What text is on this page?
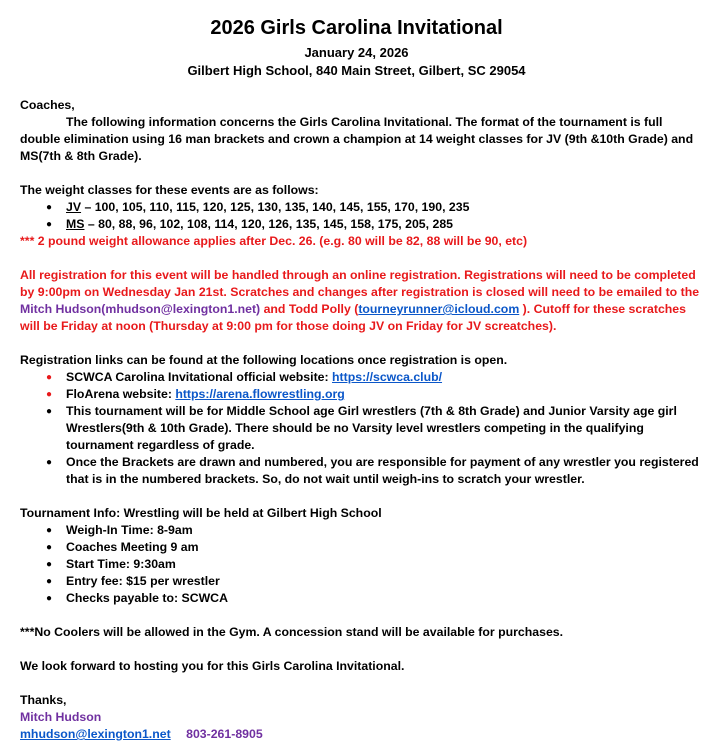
2026 Girls Carolina Invitational
January 24, 2026
Gilbert High School, 840 Main Street, Gilbert, SC 29054
Coaches,
The following information concerns the Girls Carolina Invitational. The format of the tournament is full
double elimination using 16 man brackets and crown a champion at 14 weight classes for JV (9th &10th Grade) and
MS(7th & 8th Grade).
The weight classes for these events are as follows:
● JV – 100, 105, 110, 115, 120, 125, 130, 135, 140, 145, 155, 170, 190, 235
● MS – 80, 88, 96, 102, 108, 114, 120, 126, 135, 145, 158, 175, 205, 285
*** 2 pound weight allowance applies after Dec. 26. (e.g. 80 will be 82, 88 will be 90, etc)
All registration for this event will be handled through an online registration. Registrations will need to be completed
by 9:00pm on Wednesday Jan 21st. Scratches and changes after registration is closed will need to be emailed to the
Mitch Hudson(mhudson@lexington1.net) and Todd Polly (tourneyrunner@icloud.com ). Cutoff for these scratches
will be Friday at noon (Thursday at 9:00 pm for those doing JV on Friday for JV screatches).
Registration links can be found at the following locations once registration is open.
● SCWCA Carolina Invitational official website: https://scwca.club/
● FloArena website: https://arena.flowrestling.org
● This tournament will be for Middle School age Girl wrestlers (7th & 8th Grade) and Junior Varsity age girl
Wrestlers(9th & 10th Grade). There should be no Varsity level wrestlers competing in the qualifying
tournament regardless of grade.
● Once the Brackets are drawn and numbered, you are responsible for payment of any wrestler you registered
that is in the numbered brackets. So, do not wait until weigh-ins to scratch your wrestler.
Tournament Info: Wrestling will be held at Gilbert High School
● Weigh-In Time: 8-9am
● Coaches Meeting 9 am
● Start Time: 9:30am
● Entry fee: $15 per wrestler
● Checks payable to: SCWCA
***No Coolers will be allowed in the Gym. A concession stand will be available for purchases.
We look forward to hosting you for this Girls Carolina Invitational.
Thanks,
Mitch Hudson
mhudson@lexington1.net 803-261-8905
